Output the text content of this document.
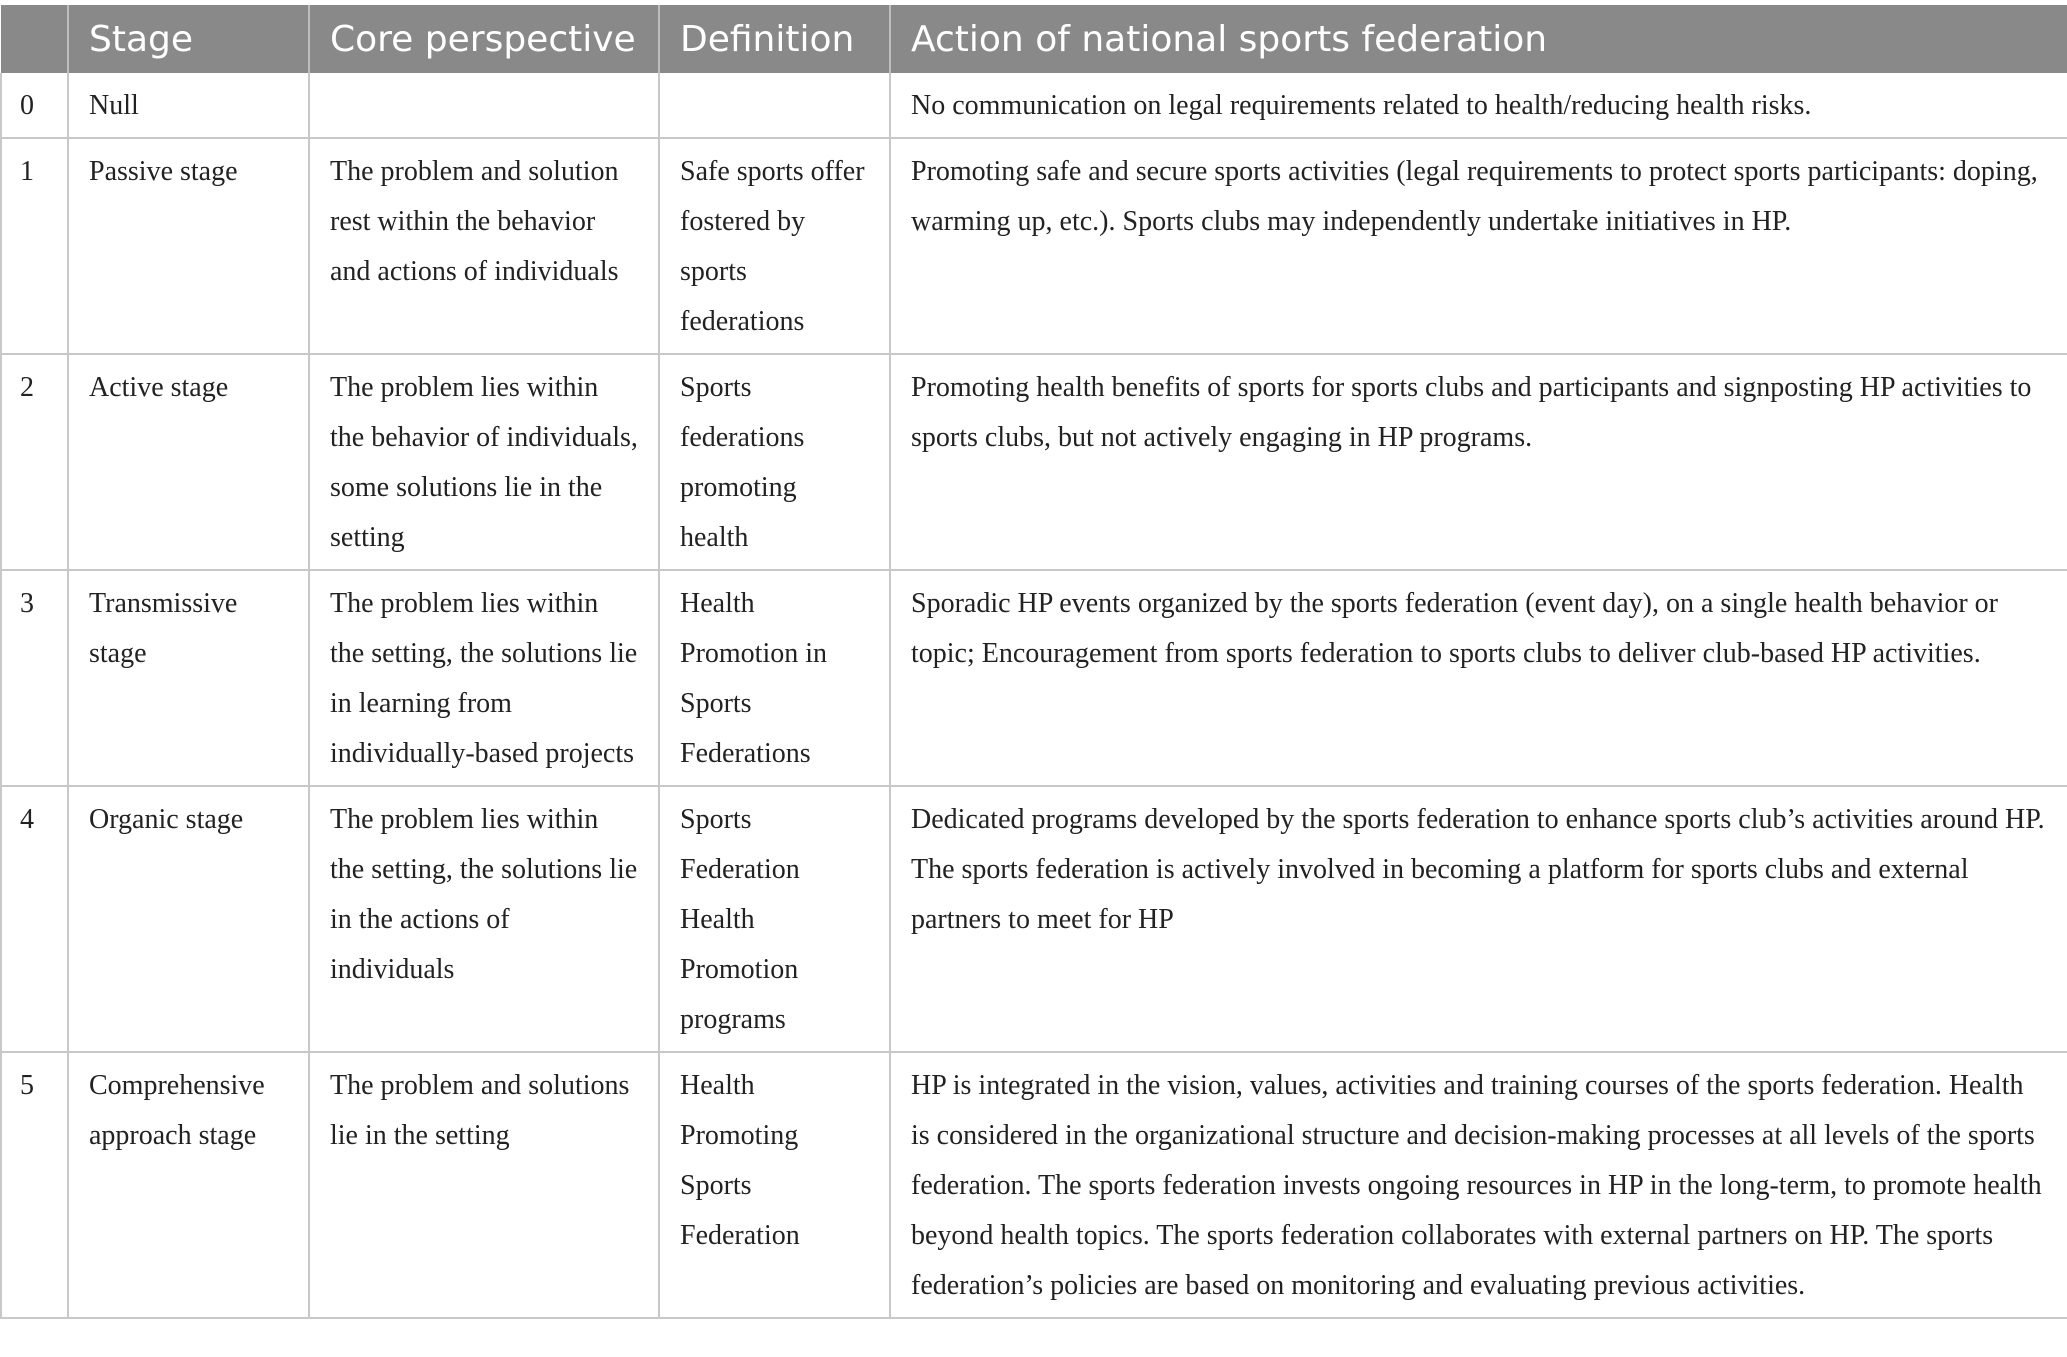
	Stage	Core perspective	Definition	Action of national sports federation
0	Null			No communication on legal requirements related to health/reducing health risks.
1	Passive stage	The problem and solution rest within the behavior and actions of individuals	Safe sports offer fostered by sports federations	Promoting safe and secure sports activities (legal requirements to protect sports participants: doping, warming up, etc.). Sports clubs may independently undertake initiatives in HP.
2	Active stage	The problem lies within the behavior of individuals, some solutions lie in the setting	Sports federations promoting health	Promoting health benefits of sports for sports clubs and participants and signposting HP activities to sports clubs, but not actively engaging in HP programs.
3	Transmissive stage	The problem lies within the setting, the solutions lie in learning from individually-based projects	Health Promotion in Sports Federations	Sporadic HP events organized by the sports federation (event day), on a single health behavior or topic; Encouragement from sports federation to sports clubs to deliver club-based HP activities.
4	Organic stage	The problem lies within the setting, the solutions lie in the actions of individuals	Sports Federation Health Promotion programs	Dedicated programs developed by the sports federation to enhance sports club’s activities around HP. The sports federation is actively involved in becoming a platform for sports clubs and external partners to meet for HP
5	Comprehensive approach stage	The problem and solutions lie in the setting	Health Promoting Sports Federation	HP is integrated in the vision, values, activities and training courses of the sports federation. Health is considered in the organizational structure and decision-making processes at all levels of the sports federation. The sports federation invests ongoing resources in HP in the long-term, to promote health beyond health topics. The sports federation collaborates with external partners on HP. The sports federation’s policies are based on monitoring and evaluating previous activities.
